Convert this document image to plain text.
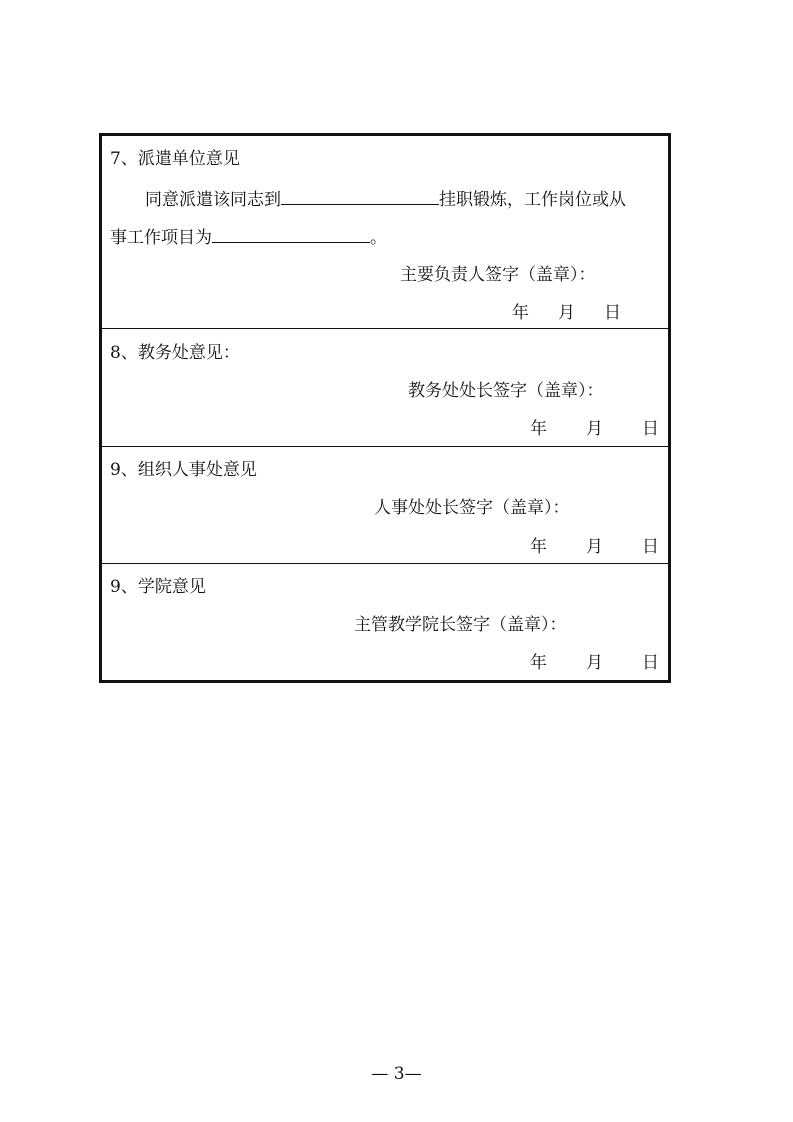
7、派遣单位意见
同意派遣该同志到	挂职锻炼，工作岗位或从
事工作项目为	。
主要负责人签字（盖章）：
年 月 日
8、教务处意见：
教务处处长签字（盖章）：
年 月 日
9、组织人事处意见
人事处处长签字（盖章）：
年 月 日
9、学院意见
主管教学院长签字（盖章）：
年 月 日
— 3—
